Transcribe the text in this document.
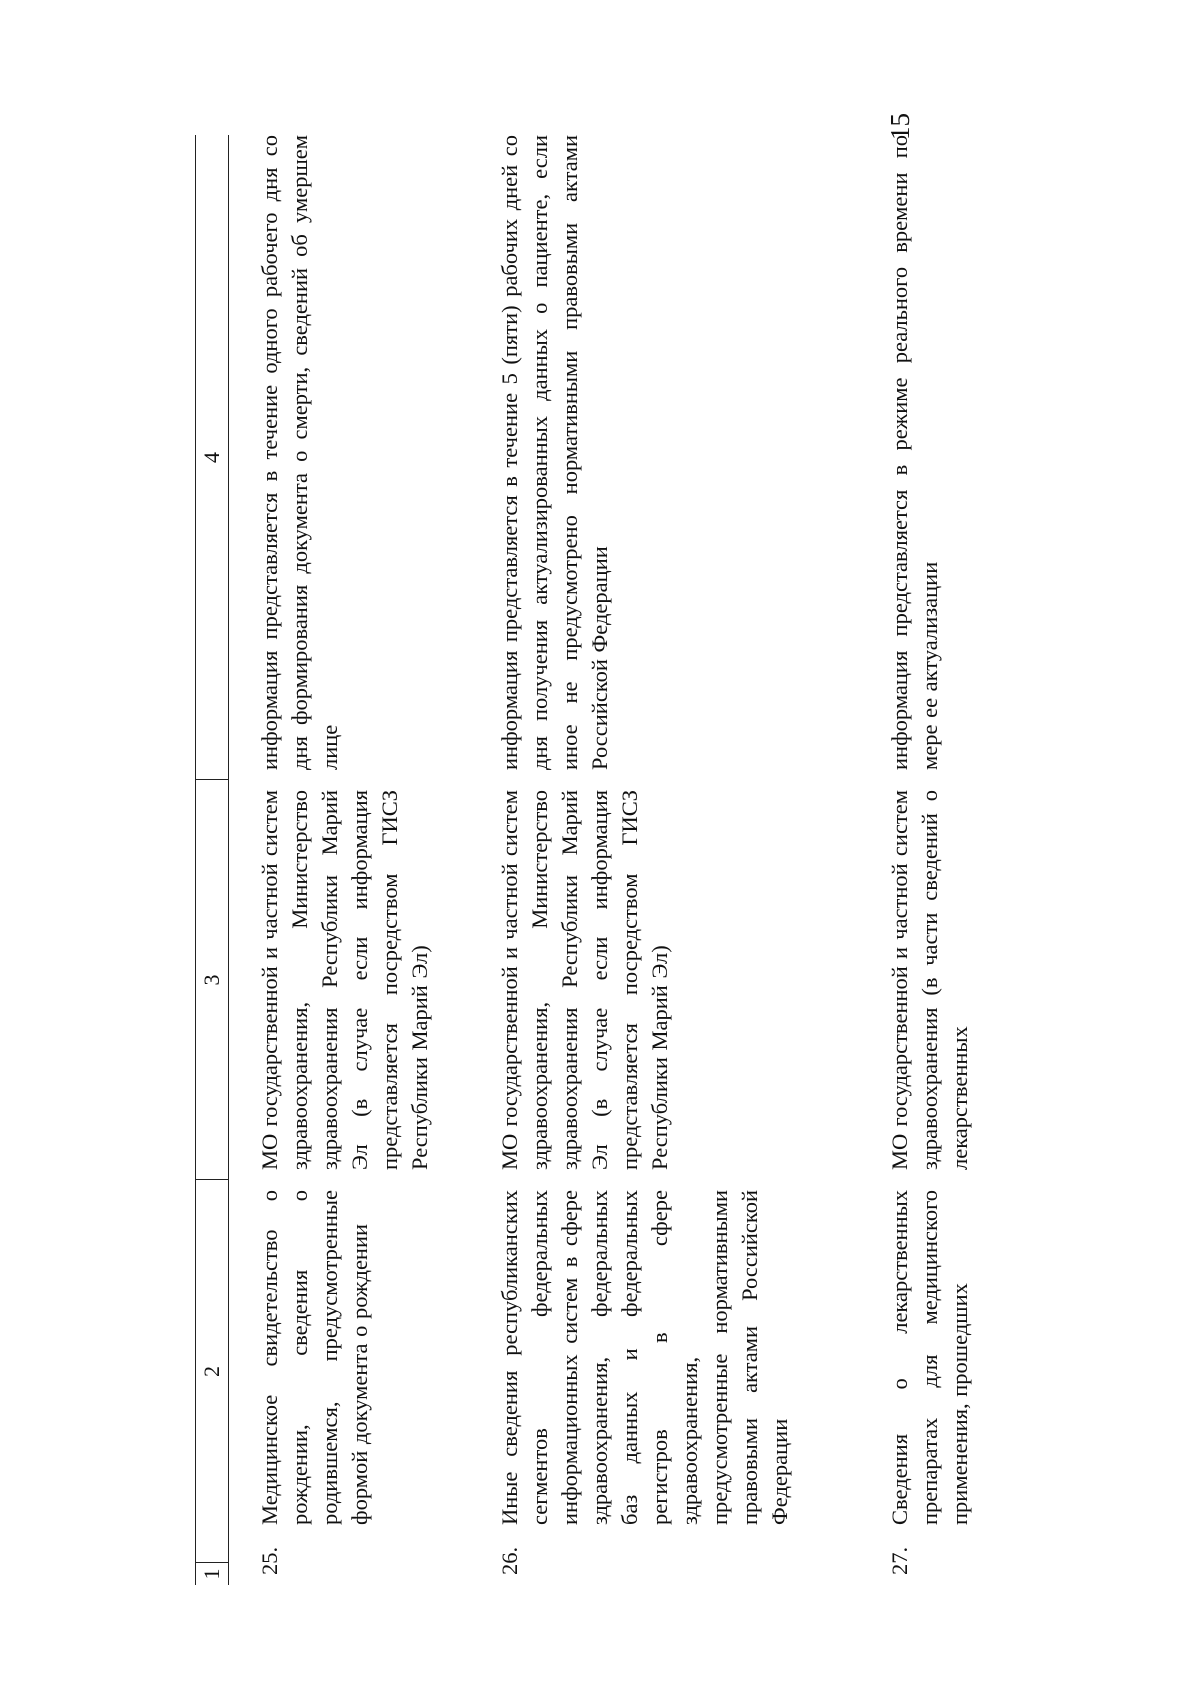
15
1
2
3
4
25.
Медицинское свидетельство о рождении, сведения о родившемся, предусмотренные формой документа о рождении
МО государственной и частной систем здравоохранения, Министерство здравоохранения Республики Марий Эл (в случае если информация представляется посредством ГИСЗ Республики Марий Эл)
информация представляется в течение одного рабочего дня со дня формирования документа о смерти, сведений об умершем лице
26.
Иные сведения республиканских сегментов федеральных информационных систем в сфере здравоохранения, федеральных баз данных и федеральных регистров в сфере здравоохранения, предусмотренные нормативными правовыми актами Российской Федерации
МО государственной и частной систем здравоохранения, Министерство здравоохранения Республики Марий Эл (в случае если информация представляется посредством ГИСЗ Республики Марий Эл)
информация представляется в течение 5 (пяти) рабочих дней со дня получения актуализированных данных о пациенте, если иное не предусмотрено нормативными правовыми актами Российской Федерации
27.
Сведения о лекарственных препаратах для медицинского применения, прошедших
МО государственной и частной систем здравоохранения (в части сведений о лекарственных
информация представляется в режиме реального времени по мере ее актуализации
